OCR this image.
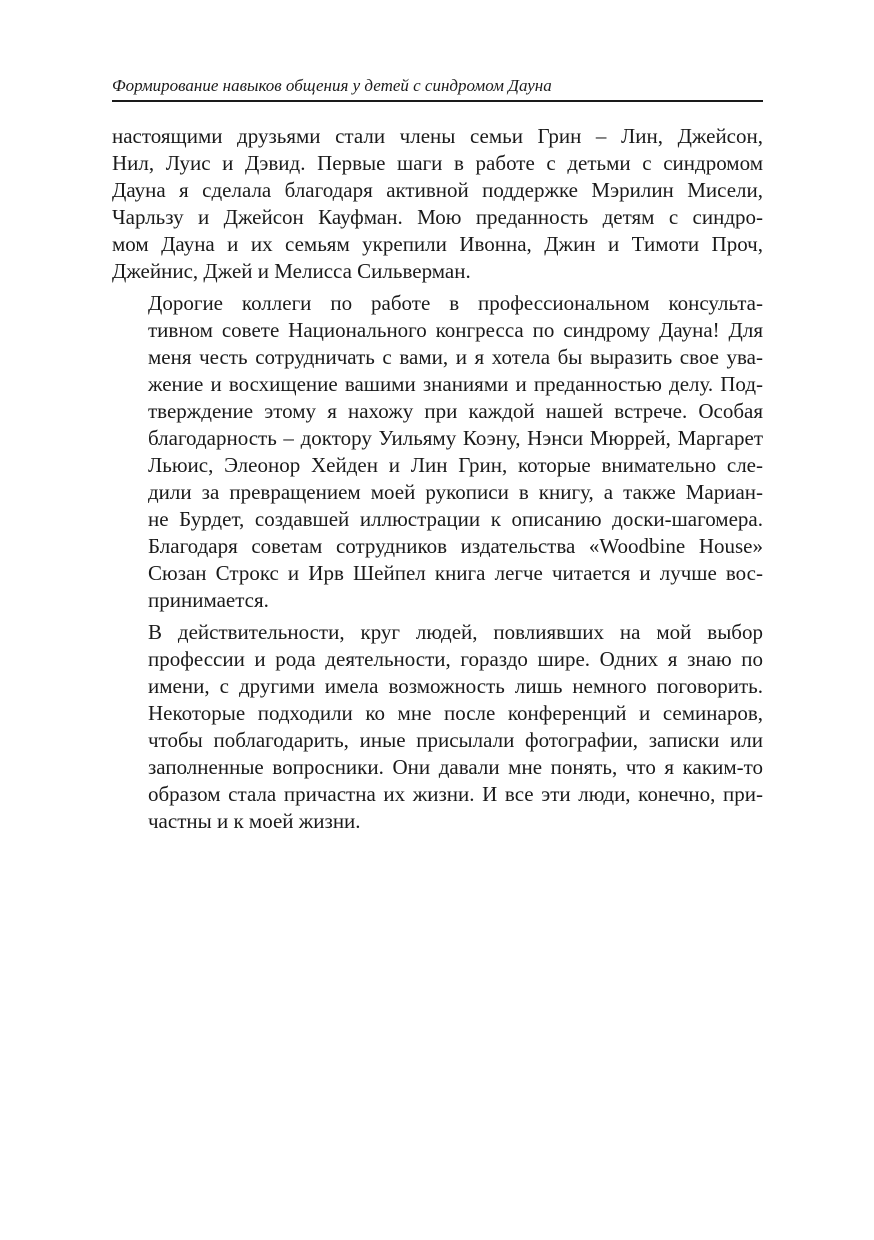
Формирование навыков общения у детей с синдромом Дауна

настоящими друзьями стали члены семьи Грин – Лин, Джейсон,
Нил, Луис и Дэвид. Первые шаги в работе с детьми с синдромом
Дауна я сделала благодаря активной поддержке Мэрилин Мисели,
Чарльзу и Джейсон Кауфман. Мою преданность детям с синдро-
мом Дауна и их семьям укрепили Ивонна, Джин и Тимоти Проч,
Джейнис, Джей и Мелисса Сильверман.

Дорогие коллеги по работе в профессиональном консульта-
тивном совете Национального конгресса по синдрому Дауна! Для
меня честь сотрудничать с вами, и я хотела бы выразить свое ува-
жение и восхищение вашими знаниями и преданностью делу. Под-
тверждение этому я нахожу при каждой нашей встрече. Особая
благодарность – доктору Уильяму Коэну, Нэнси Мюррей, Маргарет
Льюис, Элеонор Хейден и Лин Грин, которые внимательно сле-
дили за превращением моей рукописи в книгу, а также Мариан-
не Бурдет, создавшей иллюстрации к описанию доски-шагомера.
Благодаря советам сотрудников издательства «Woodbine House»
Сюзан Строкс и Ирв Шейпел книга легче читается и лучше вос-
принимается.

В действительности, круг людей, повлиявших на мой выбор
профессии и рода деятельности, гораздо шире. Одних я знаю по
имени, с другими имела возможность лишь немного поговорить.
Некоторые подходили ко мне после конференций и семинаров,
чтобы поблагодарить, иные присылали фотографии, записки или
заполненные вопросники. Они давали мне понять, что я каким-то
образом стала причастна их жизни. И все эти люди, конечно, при-
частны и к моей жизни.
